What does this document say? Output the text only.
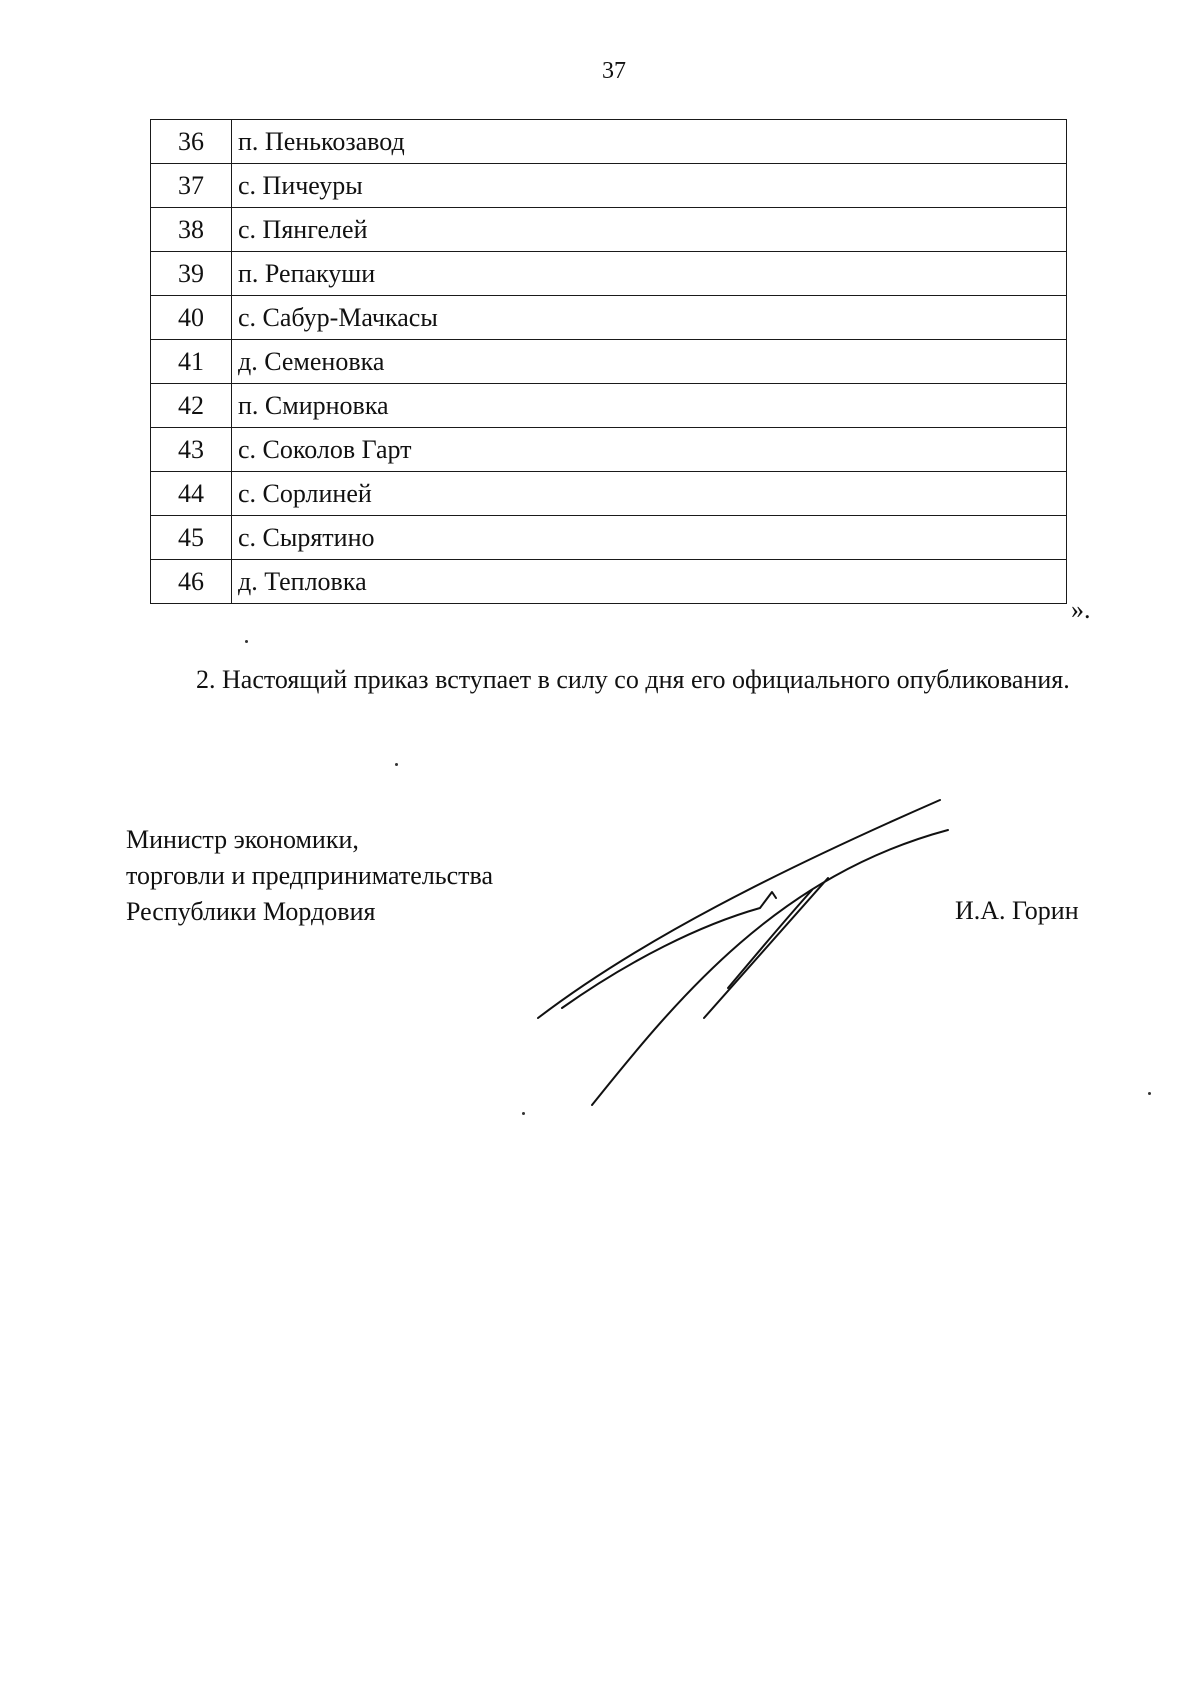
37
36	п. Пенькозавод
37	с. Пичеуры
38	с. Пянгелей
39	п. Репакуши
40	с. Сабур-Мачкасы
41	д. Семеновка
42	п. Смирновка
43	с. Соколов Гарт
44	с. Сорлиней
45	с. Сырятино
46	д. Тепловка
».

2. Настоящий приказ вступает в силу со дня его официального опубликования.

Министр экономики,
торговли и предпринимательства
Республики Мордовия	И.А. Горин
